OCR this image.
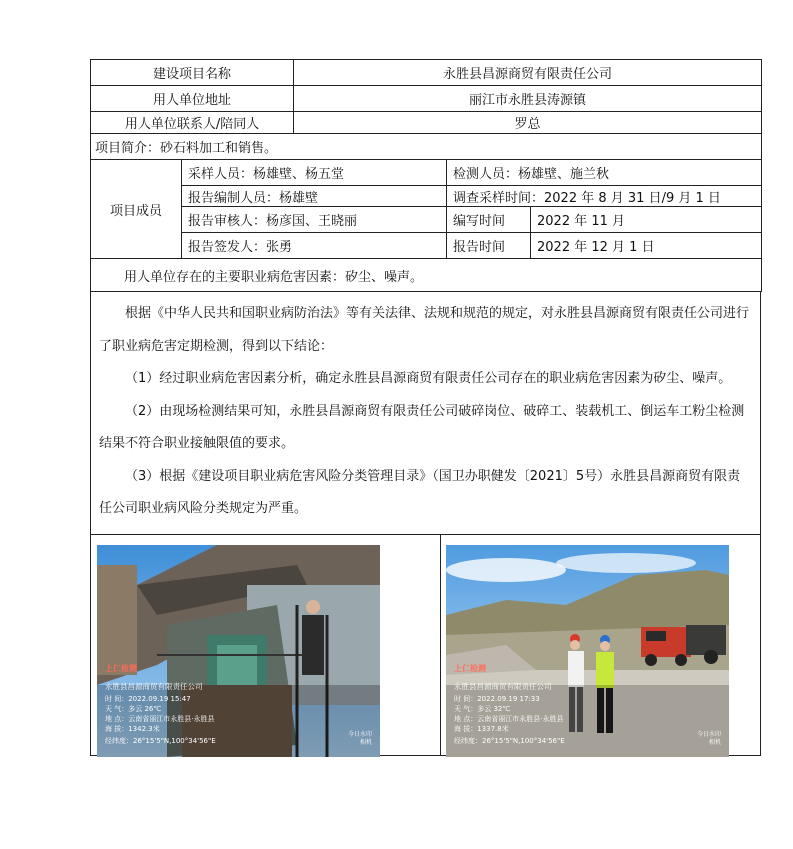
建设项目名称		永胜县昌源商贸有限责任公司		
用人单位地址		丽江市永胜县涛源镇		
用人单位联系人/陪同人		罗总		
项目简介：砂石料加工和销售。				
项目成员	采样人员：杨雄壁、杨五堂		检测人员：杨雄壁、施兰秋	
	报告编制人员：杨雄壁		调查采样时间：2022 年 8 月 31 日/9 月 1 日	
	报告审核人：杨彦国、王晓丽		编写时间	2022 年 11 月
	报告签发人：张勇		报告时间	2022 年 12 月 1 日
用人单位存在的主要职业病危害因素：矽尘、噪声。				

根据《中华人民共和国职业病防治法》等有关法律、法规和规范的规定，对永胜县昌源商贸有限责任公司进行了职业病危害定期检测，得到以下结论：

（1）经过职业病危害因素分析，确定永胜县昌源商贸有限责任公司存在的职业病危害因素为矽尘、噪声。

（2）由现场检测结果可知，永胜县昌源商贸有限责任公司破碎岗位、破碎工、装载机工、倒运车工粉尘检测结果不符合职业接触限值的要求。

（3）根据《建设项目职业病危害风险分类管理目录》（国卫办职健发〔2021〕5号）永胜县昌源商贸有限责任公司职业病风险分类规定为严重。

上仁检测
永胜县昌源商贸有限责任公司
时 间：2022.09.19 15:47
天 气：多云 26℃
地 点：云南省丽江市永胜县·永胜县
海 拔：1342.3米
经纬度：26°15'5"N,100°34'56"E
今日水印
相机
上仁检测
永胜县昌源商贸有限责任公司
时 间：2022.09.19 17:33
天 气：多云 32℃
地 点：云南省丽江市永胜县·永胜县
海 拔：1337.8米
经纬度：26°15'5"N,100°34'56"E
今日水印
相机
